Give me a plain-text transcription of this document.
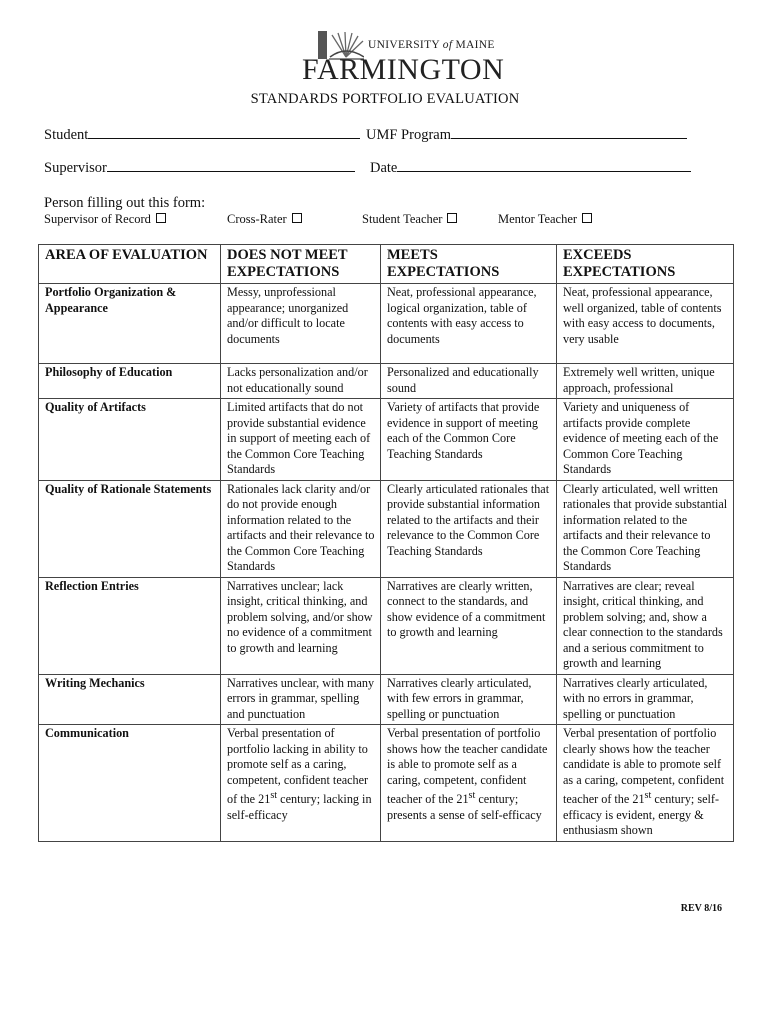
UNIVERSITY of MAINE
FARMINGTON
STANDARDS PORTFOLIO EVALUATION
Student	UMF Program
Supervisor	Date
Person filling out this form:
Supervisor of Record	Cross-Rater	Student Teacher	Mentor Teacher
AREA OF EVALUATION	DOES NOT MEET EXPECTATIONS	MEETS EXPECTATIONS	EXCEEDS EXPECTATIONS
Portfolio Organization & Appearance	Messy, unprofessional appearance; unorganized and/or difficult to locate documents	Neat, professional appearance, logical organization, table of contents with easy access to documents	Neat, professional appearance, well organized, table of contents with easy access to documents, very usable
Philosophy of Education	Lacks personalization and/or not educationally sound	Personalized and educationally sound	Extremely well written, unique approach, professional
Quality of Artifacts	Limited artifacts that do not provide substantial evidence in support of meeting each of the Common Core Teaching Standards	Variety of artifacts that provide evidence in support of meeting each of the Common Core Teaching Standards	Variety and uniqueness of artifacts provide complete evidence of meeting each of the Common Core Teaching Standards
Quality of Rationale Statements	Rationales lack clarity and/or do not provide enough information related to the artifacts and their relevance to the Common Core Teaching Standards	Clearly articulated rationales that provide substantial information related to the artifacts and their relevance to the Common Core Teaching Standards	Clearly articulated, well written rationales that provide substantial information related to the artifacts and their relevance to the Common Core Teaching Standards
Reflection Entries	Narratives unclear; lack insight, critical thinking, and problem solving, and/or show no evidence of a commitment to growth and learning	Narratives are clearly written, connect to the standards, and show evidence of a commitment to growth and learning	Narratives are clear; reveal insight, critical thinking, and problem solving; and, show a clear connection to the standards and a serious commitment to growth and learning
Writing Mechanics	Narratives unclear, with many errors in grammar, spelling and punctuation	Narratives clearly articulated, with few errors in grammar, spelling or punctuation	Narratives clearly articulated, with no errors in grammar, spelling or punctuation
Communication	Verbal presentation of portfolio lacking in ability to promote self as a caring, competent, confident teacher of the 21st century; lacking in self-efficacy	Verbal presentation of portfolio shows how the teacher candidate is able to promote self as a caring, competent, confident teacher of the 21st century; presents a sense of self-efficacy	Verbal presentation of portfolio clearly shows how the teacher candidate is able to promote self as a caring, competent, confident teacher of the 21st century; self-efficacy is evident, energy & enthusiasm shown
REV 8/16
